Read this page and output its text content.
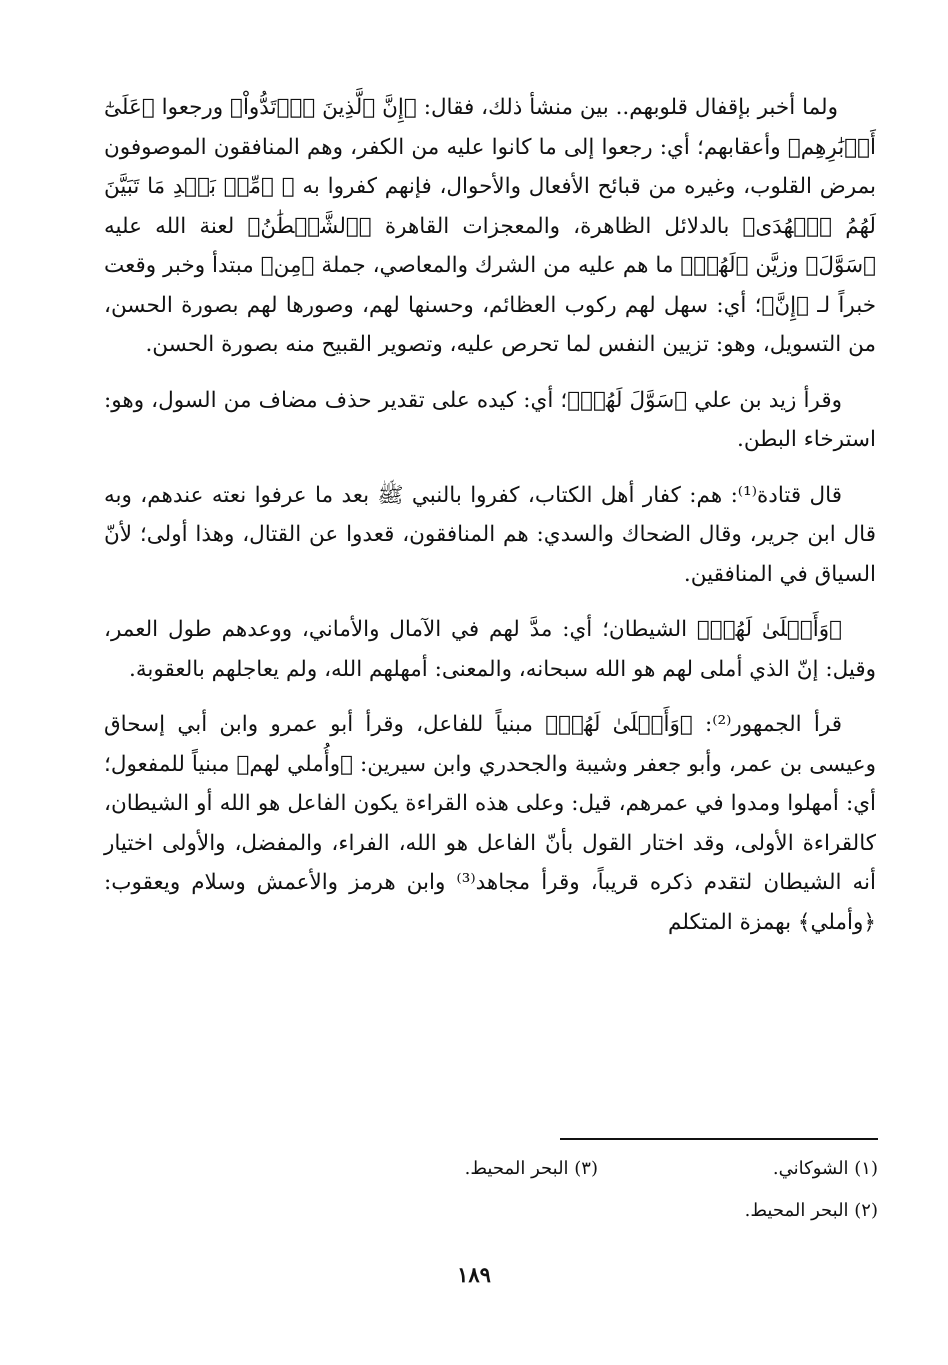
ولما أخبر بإقفال قلوبهم.. بين منشأ ذلك، فقال: ﴿إِنَّ ٱلَّذِينَ ٱرۡتَدُّواْ﴾ ورجعوا ﴿عَلَىٰٓ أَدۡبَٰرِهِم﴾ وأعقابهم؛ أي: رجعوا إلى ما كانوا عليه من الكفر، وهم المنافقون الموصوفون بمرض القلوب، وغيره من قبائح الأفعال والأحوال، فإنهم كفروا به ﷺ ﴿مِّنۢ بَعۡدِ مَا تَبَيَّنَ لَهُمُ ٱلۡهُدَى﴾ بالدلائل الظاهرة، والمعجزات القاهرة ﴿ٱلشَّيۡطَٰنُ﴾ لعنة الله عليه ﴿سَوَّلَ﴾ وزيَّن ﴿لَهُمۡ﴾ ما هم عليه من الشرك والمعاصي، جملة ﴿مِن﴾ مبتدأ وخبر وقعت خبراً لـ ﴿إِنَّ﴾؛ أي: سهل لهم ركوب العظائم، وحسنها لهم، وصورها لهم بصورة الحسن، من التسويل، وهو: تزيين النفس لما تحرص عليه، وتصوير القبيح منه بصورة الحسن.

وقرأ زيد بن علي ﴿سَوَّلَ لَهُمۡ﴾؛ أي: كيده على تقدير حذف مضاف من السول، وهو: استرخاء البطن.

قال قتادة⁽¹⁾: هم: كفار أهل الكتاب، كفروا بالنبي ﷺ بعد ما عرفوا نعته عندهم، وبه قال ابن جرير، وقال الضحاك والسدي: هم المنافقون، قعدوا عن القتال، وهذا أولى؛ لأنّ السياق في المنافقين.

﴿وَأَمۡلَىٰ لَهُمۡ﴾ الشيطان؛ أي: مدَّ لهم في الآمال والأماني، ووعدهم طول العمر، وقيل: إنّ الذي أملى لهم هو الله سبحانه، والمعنى: أمهلهم الله، ولم يعاجلهم بالعقوبة.

قرأ الجمهور⁽²⁾: ﴿وَأَمۡلَىٰ لَهُمۡ﴾ مبنياً للفاعل، وقرأ أبو عمرو وابن أبي إسحاق وعيسى بن عمر، وأبو جعفر وشيبة والجحدري وابن سيرين: ﴿وأُملي لهم﴾ مبنياً للمفعول؛ أي: أمهلوا ومدوا في عمرهم، قيل: وعلى هذه القراءة يكون الفاعل هو الله أو الشيطان، كالقراءة الأولى، وقد اختار القول بأنّ الفاعل هو الله، الفراء، والمفضل، والأولى اختيار أنه الشيطان لتقدم ذكره قريباً، وقرأ مجاهد⁽³⁾ وابن هرمز والأعمش وسلام ويعقوب: ﴿وأملي﴾ بهمزة المتكلم

(١) الشوكاني.
(٣) البحر المحيط.
(٢) البحر المحيط.
١٨٩
